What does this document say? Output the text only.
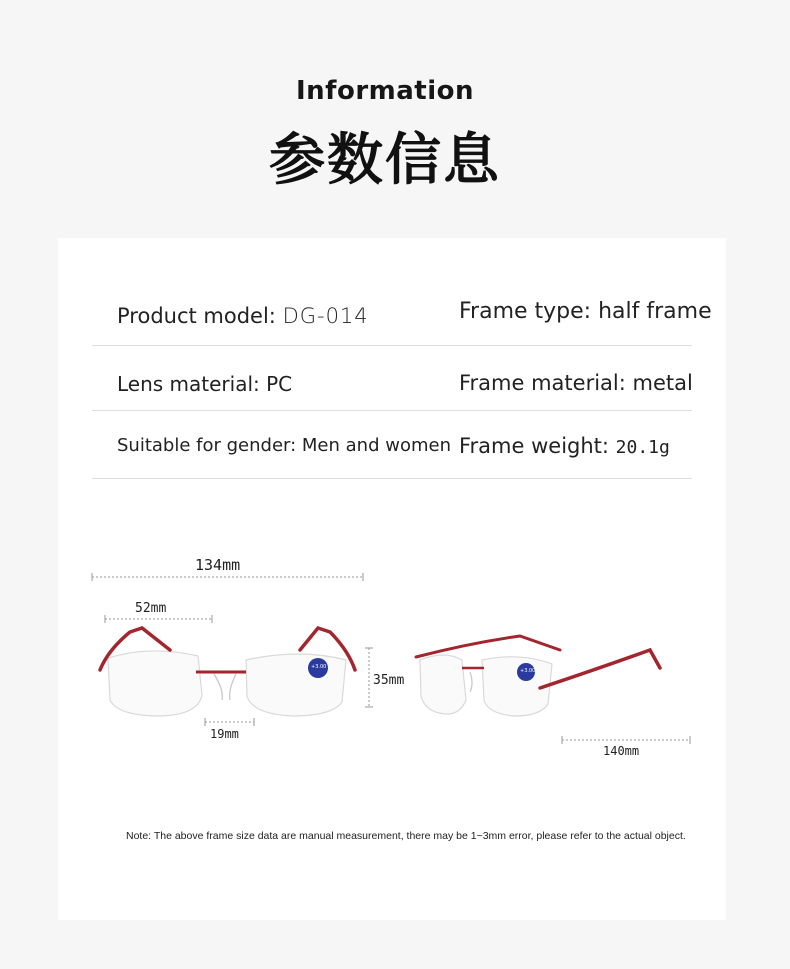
Information
参数信息
Product model: DG-014	Frame type: half frame
Lens material: PC	Frame material: metal
Suitable for gender: Men and women Frame weight: 20.1g
134mm
52mm
35mm
19mm
140mm
+3.00
+3.00
Note: The above frame size data are manual measurement, there may be 1~3mm error, please refer to the actual object.
